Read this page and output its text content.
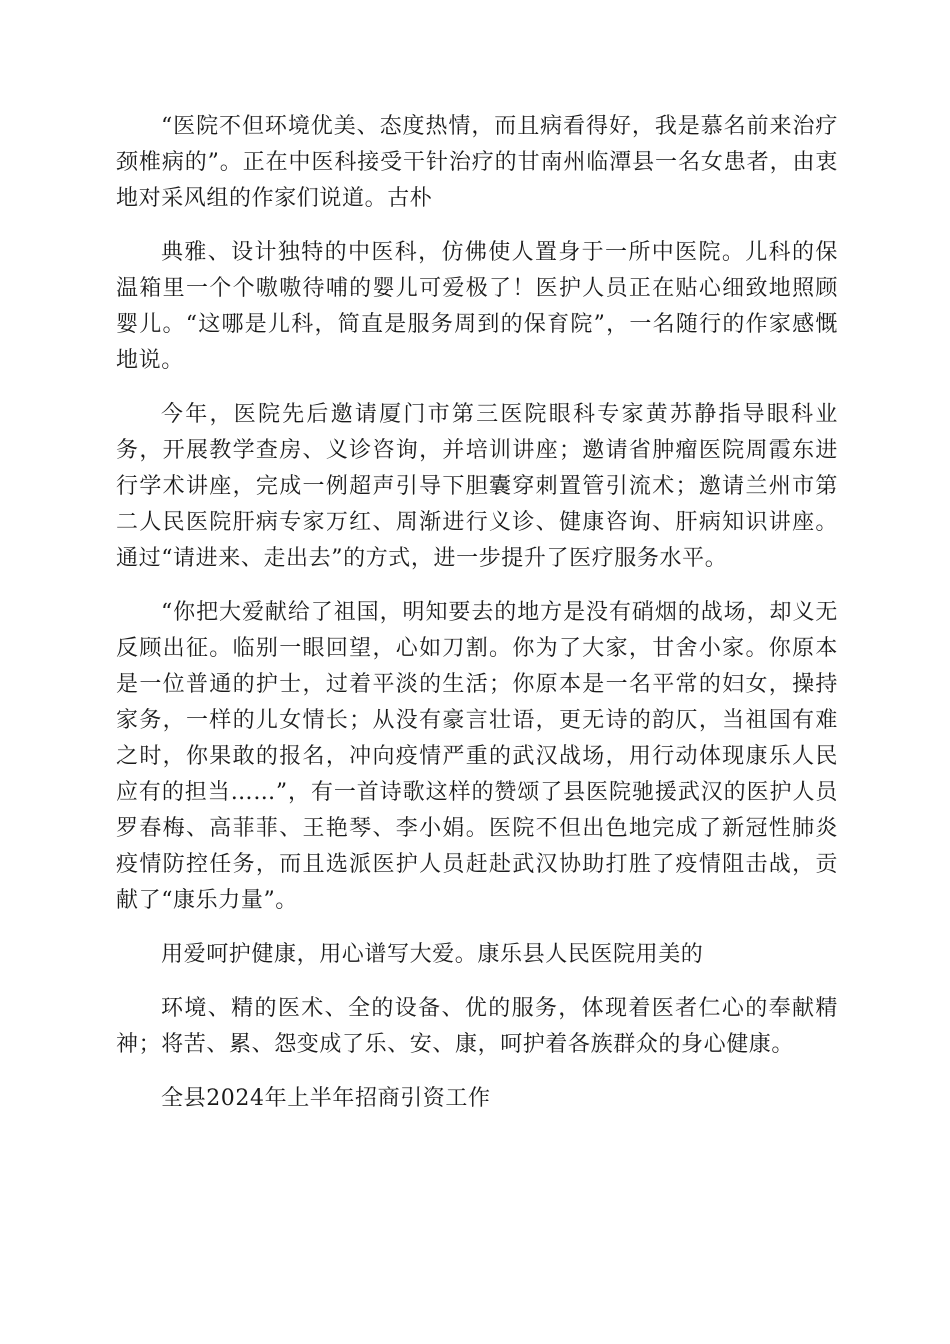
“医院不但环境优美、态度热情，而且病看得好，我是慕名前来治疗颈椎病的”。正在中医科接受干针治疗的甘南州临潭县一名女患者，由衷地对采风组的作家们说道。古朴

典雅、设计独特的中医科，仿佛使人置身于一所中医院。儿科的保温箱里一个个嗷嗷待哺的婴儿可爱极了！医护人员正在贴心细致地照顾婴儿。“这哪是儿科，简直是服务周到的保育院”，一名随行的作家感慨地说。

今年，医院先后邀请厦门市第三医院眼科专家黄苏静指导眼科业务，开展教学查房、义诊咨询，并培训讲座；邀请省肿瘤医院周霞东进行学术讲座，完成一例超声引导下胆囊穿刺置管引流术；邀请兰州市第二人民医院肝病专家万红、周渐进行义诊、健康咨询、肝病知识讲座。通过“请进来、走出去”的方式，进一步提升了医疗服务水平。

“你把大爱献给了祖国，明知要去的地方是没有硝烟的战场，却义无反顾出征。临别一眼回望，心如刀割。你为了大家，甘舍小家。你原本是一位普通的护士，过着平淡的生活；你原本是一名平常的妇女，操持家务，一样的儿女情长；从没有豪言壮语，更无诗的韵仄，当祖国有难之时，你果敢的报名，冲向疫情严重的武汉战场，用行动体现康乐人民应有的担当……”，有一首诗歌这样的赞颂了县医院驰援武汉的医护人员罗春梅、高菲菲、王艳琴、李小娟。医院不但出色地完成了新冠性肺炎疫情防控任务，而且选派医护人员赶赴武汉协助打胜了疫情阻击战，贡献了“康乐力量”。

用爱呵护健康，用心谱写大爱。康乐县人民医院用美的

环境、精的医术、全的设备、优的服务，体现着医者仁心的奉献精神；将苦、累、怨变成了乐、安、康，呵护着各族群众的身心健康。

全县2024年上半年招商引资工作
